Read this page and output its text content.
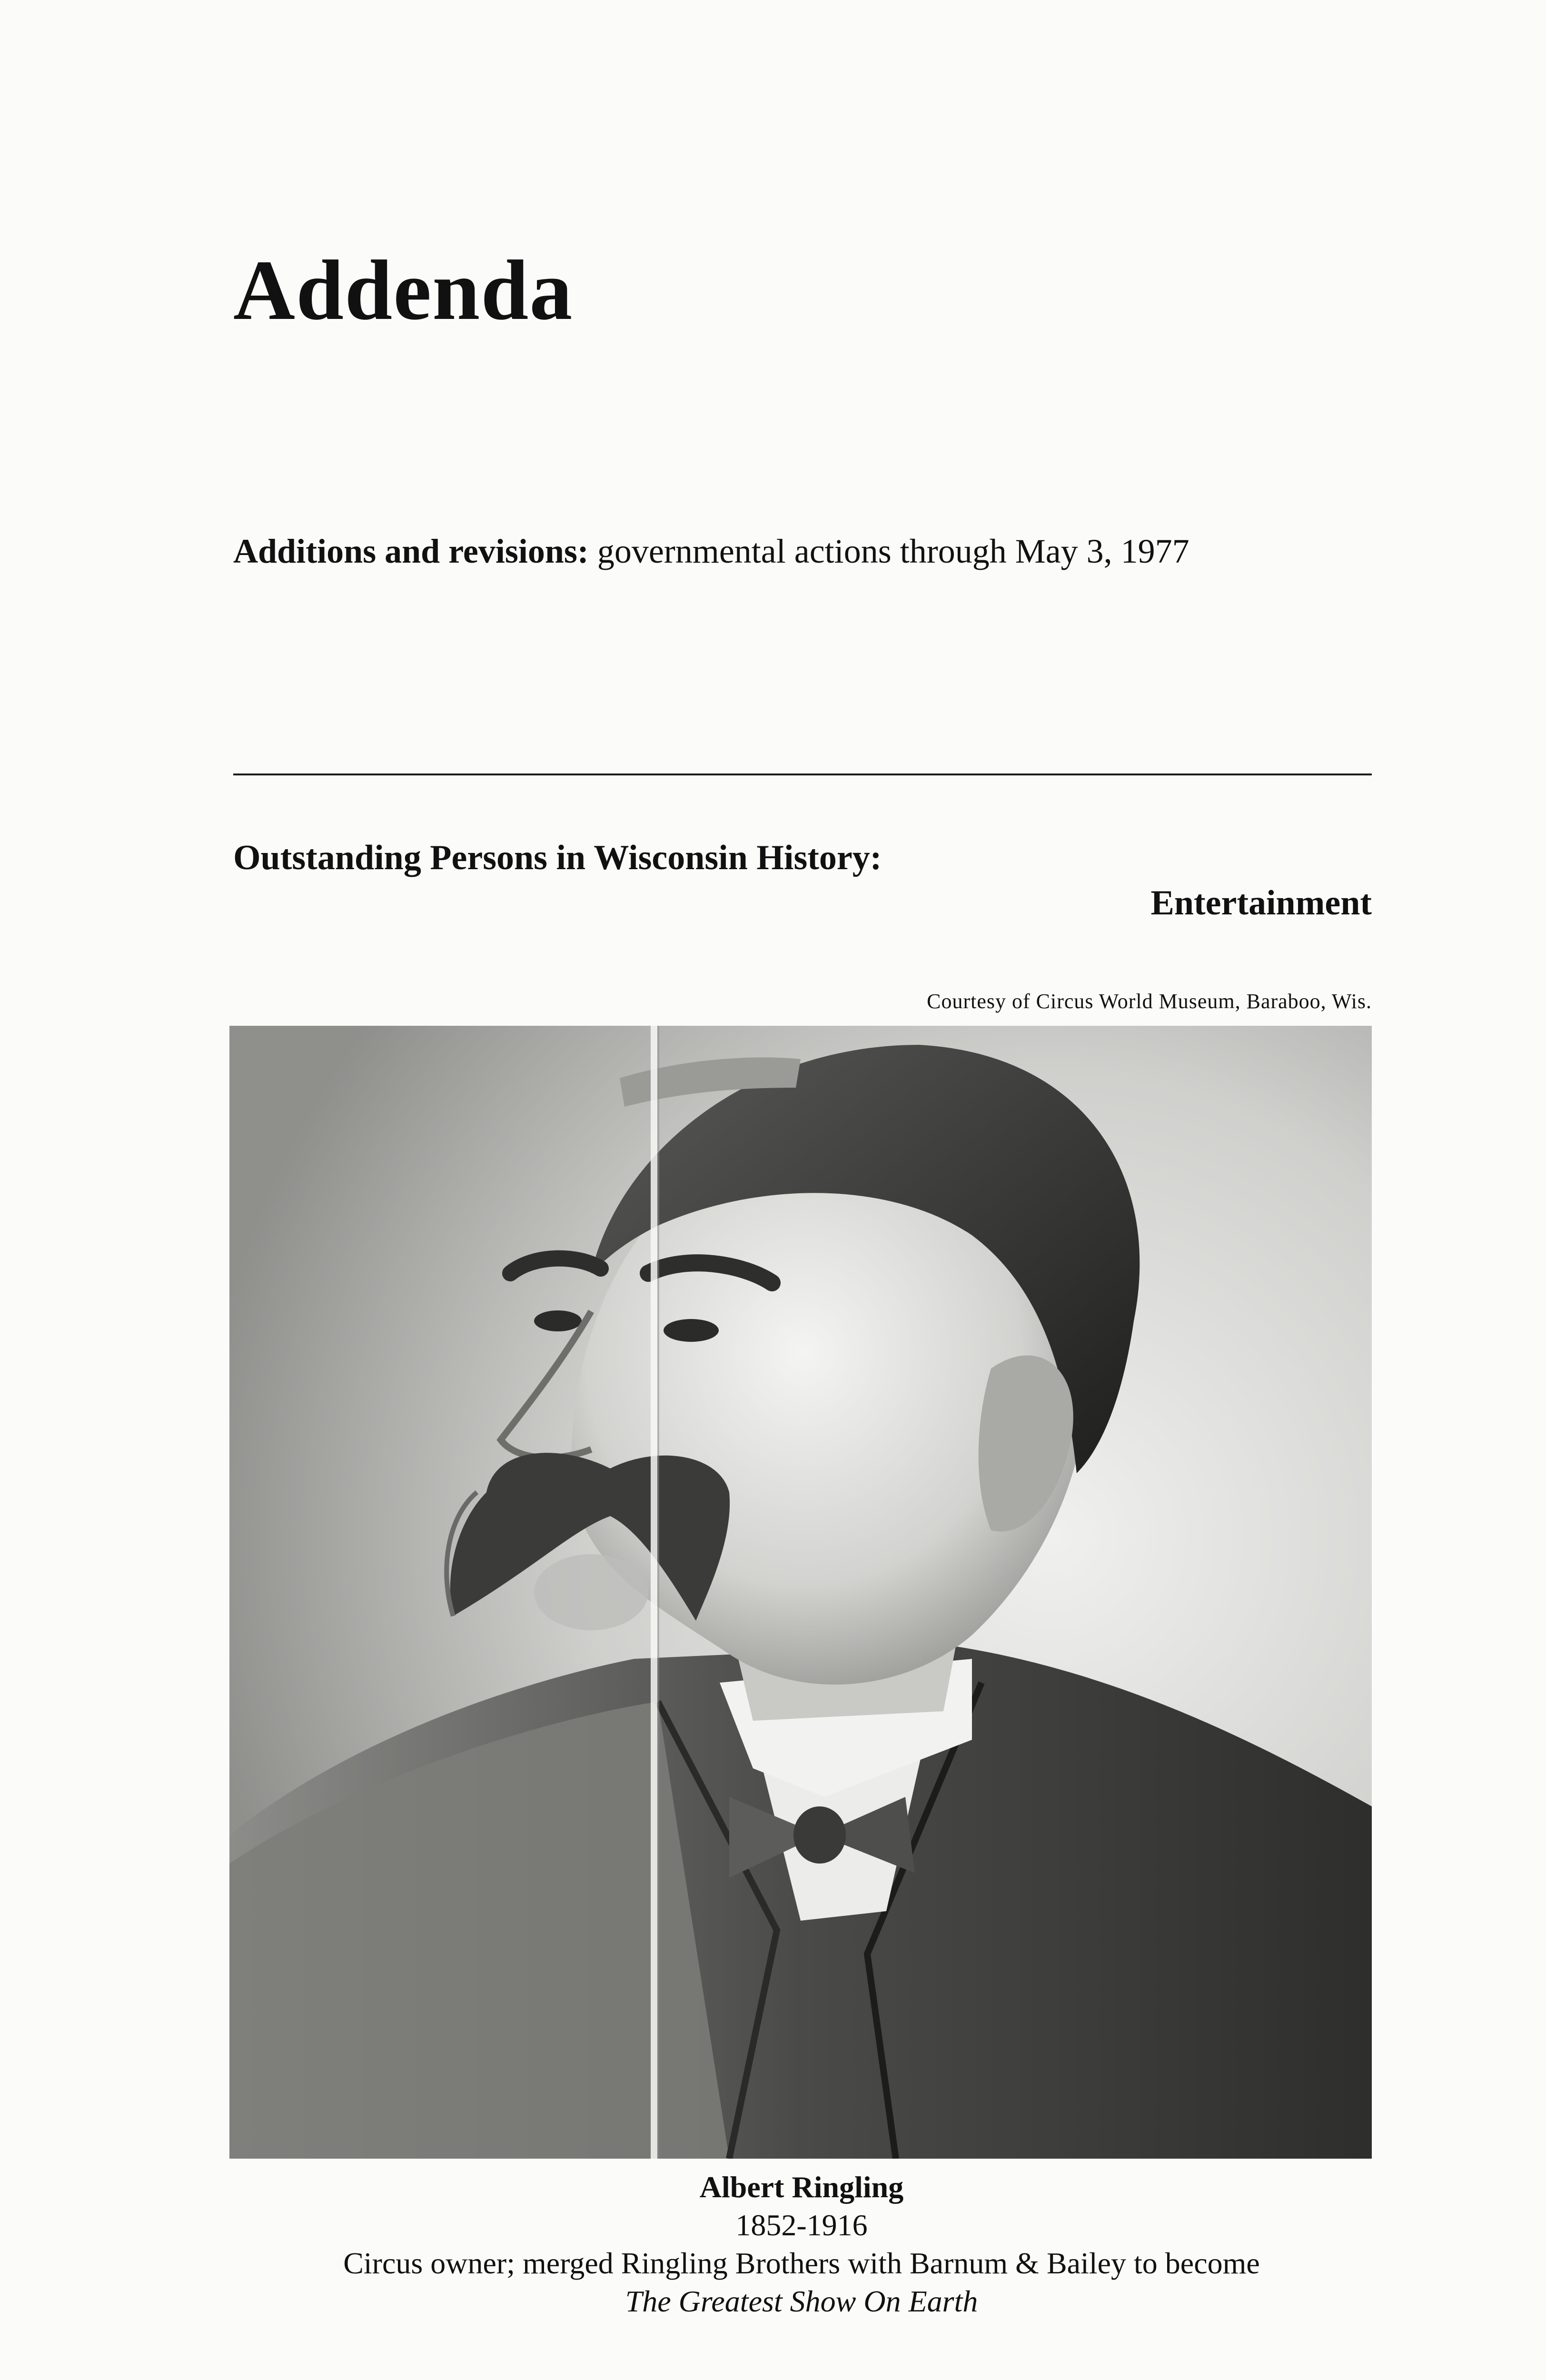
Addenda
Additions and revisions: governmental actions through May 3, 1977
Outstanding Persons in Wisconsin History:
Entertainment
Courtesy of Circus World Museum, Baraboo, Wis.
Albert Ringling
1852-1916
Circus owner; merged Ringling Brothers with Barnum & Bailey to become
The Greatest Show On Earth
